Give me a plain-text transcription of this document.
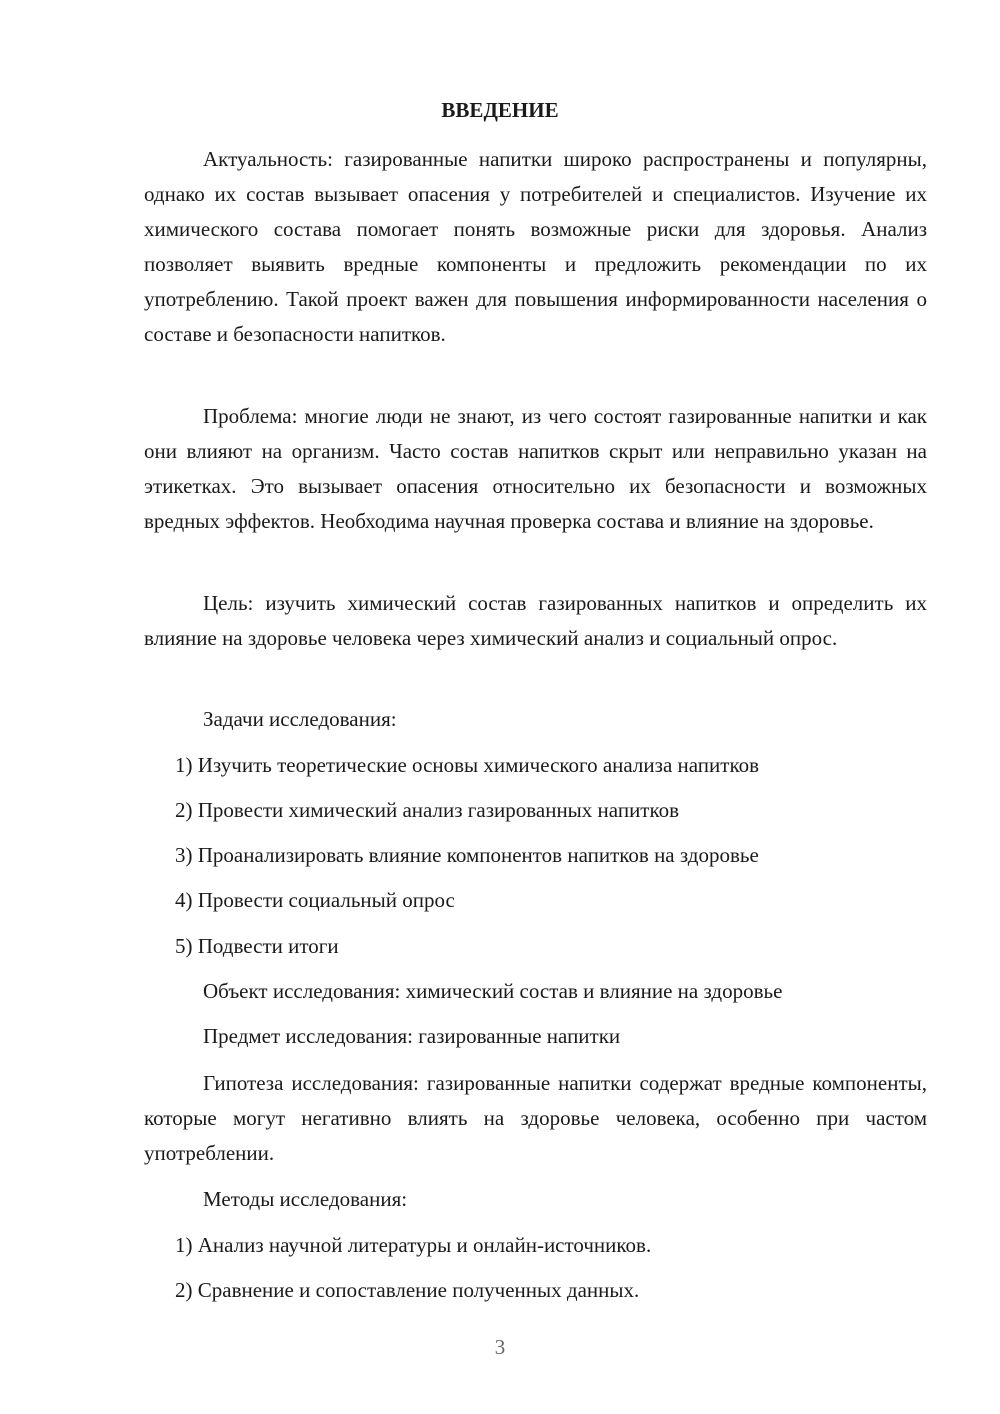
ВВЕДЕНИЕ

Актуальность: газированные напитки широко распространены и популярны, однако их состав вызывает опасения у потребителей и специалистов. Изучение их химического состава помогает понять возможные риски для здоровья. Анализ позволяет выявить вредные компоненты и предложить рекомендации по их употреблению. Такой проект важен для повышения информированности населения о составе и безопасности напитков.

Проблема: многие люди не знают, из чего состоят газированные напитки и как они влияют на организм. Часто состав напитков скрыт или неправильно указан на этикетках. Это вызывает опасения относительно их безопасности и возможных вредных эффектов. Необходима научная проверка состава и влияние на здоровье.

Цель: изучить химический состав газированных напитков и определить их влияние на здоровье человека через химический анализ и социальный опрос.

Задачи исследования:

1) Изучить теоретические основы химического анализа напитков

2) Провести химический анализ газированных напитков

3) Проанализировать влияние компонентов напитков на здоровье

4) Провести социальный опрос

5) Подвести итоги

Объект исследования: химический состав и влияние на здоровье

Предмет исследования: газированные напитки

Гипотеза исследования: газированные напитки содержат вредные компоненты, которые могут негативно влиять на здоровье человека, особенно при частом употреблении.

Методы исследования:

1) Анализ научной литературы и онлайн-источников.

2) Сравнение и сопоставление полученных данных.

3
